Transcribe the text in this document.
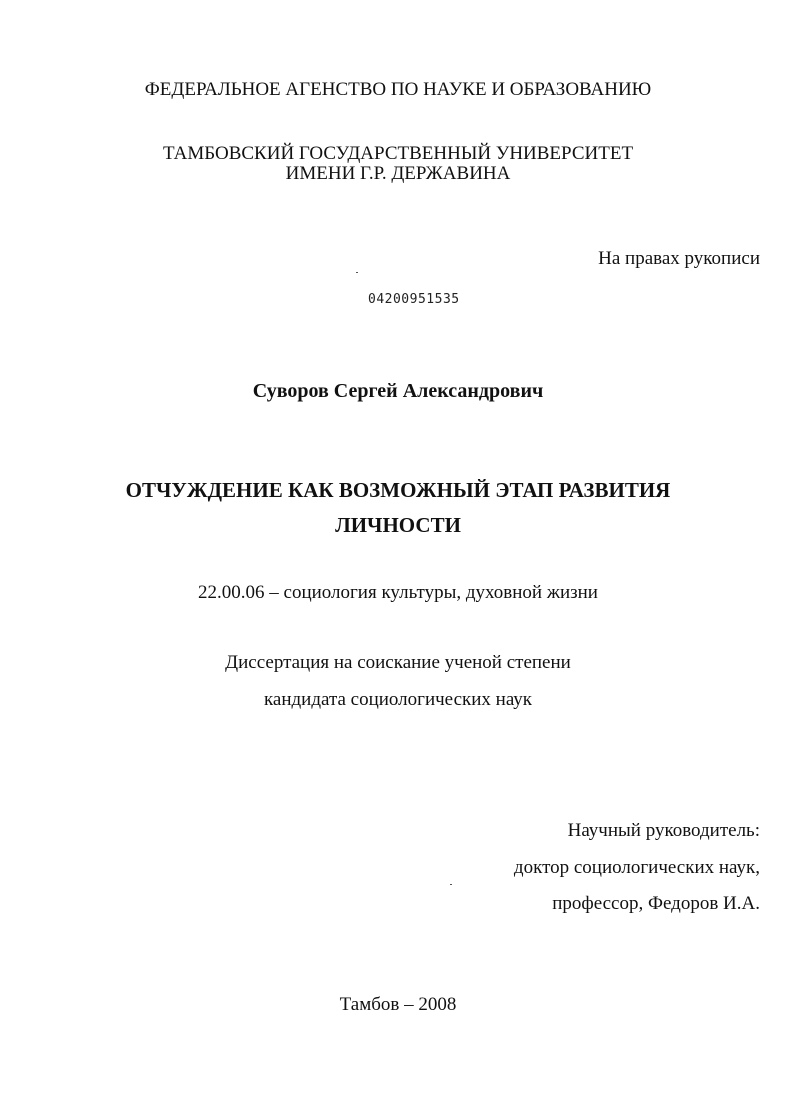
ФЕДЕРАЛЬНОЕ АГЕНСТВО ПО НАУКЕ И ОБРАЗОВАНИЮ
ТАМБОВСКИЙ ГОСУДАРСТВЕННЫЙ УНИВЕРСИТЕТ
ИМЕНИ Г.Р. ДЕРЖАВИНА
На правах рукописи
04200951535
Суворов Сергей Александрович
ОТЧУЖДЕНИЕ КАК ВОЗМОЖНЫЙ ЭТАП РАЗВИТИЯ
ЛИЧНОСТИ
22.00.06 – социология культуры, духовной жизни
Диссертация на соискание ученой степени
кандидата социологических наук
Научный руководитель:
доктор социологических наук,
профессор, Федоров И.А.
Тамбов – 2008
